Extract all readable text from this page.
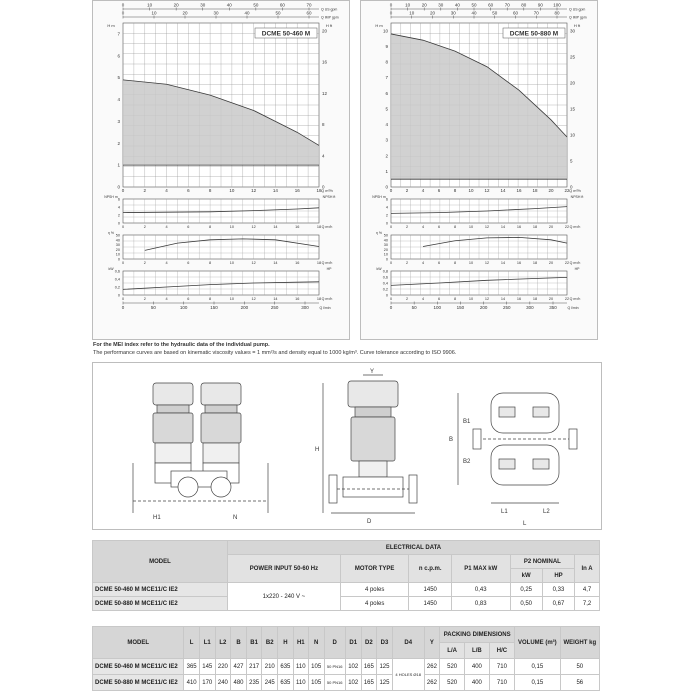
0	10	20	30	40	50	60	70
Q US gpm
0	10	20	30	40	50	60
Q IMP gpm
DCME 50-460 M
0
1
2
3
4
5
6
7
H m
0
4
8
12
16
20
H ft
0	2	4	6	8	10	12	14	16	18 Q m³/h
0
2
4
6
NPSH m	NPSH ft
0	2	4	6	8	10	12	14	16	18 Q m³/h
0
10
20
30
40
50
η %
0	2	4	6	8	10	12	14	16	18 Q m³/h
0
0,2
0,4
0,6
kW	HP
0	2	4	6	8	10	12	14	16	18 Q m³/h
0	50	100	150	200	250	300	Q l/min
0	10	20	30	40	50	60	70	80	90 100
Q US gpm
0	10	20	30	40	50	60	70	80
Q IMP gpm
DCME 50-880 M
0
1
2
3
4
5
6
7
8
9
10
H m
0
5
10
15
20
25
30
H ft
0	2	4	6	8	10 12 14 16 18 20 22 Q m³/h
0
2
4
6
NPSH m	NPSH ft
0	2	4	6	8	10	12	14	16	18	20	22 Q m³/h
0
10
20
30
40
50
η %
0	2	4	6	8	10	12	14	16	18	20	22 Q m³/h
0
0,2
0,4
0,6
0,8
kW	HP
0	2	4	6	8	10	12	14	16	18	20	22 Q m³/h
0	50	100	150	200	250	300	350	Q l/min
For the MEI index refer to the hydraulic data of the individual pump.
The performance curves are based on kinematic viscosity values = 1 mm²/s and density equal to 1000 kg/m³. Curve tolerance according to ISO 9906.
H1	N
Y
H
D
L1	L2
L
B
B1
B2
MODEL	ELECTRICAL DATA						
	POWER INPUT 50-60 Hz	MOTOR TYPE	n c.p.m.	P1 MAX kW	P2 NOMINAL		In A
					kW	HP	
DCME 50-460 M MCE11/C IE2	1x220 - 240 V ~	4 poles	1450	0,43	0,25	0,33	4,7
DCME 50-880 M MCE11/C IE2		4 poles	1450	0,83	0,50	0,67	7,2
MODEL	L	L1	L2	B	B1	B2	H	H1	N	D	D1	D2	D3	D4	Y	PACKING DIMENSIONS			VOLUME (m³)	WEIGHT kg
																L/A	L/B	H/C		
DCME 50-460 M MCE11/C IE2	365	145	220	427	217	210	635	110	105	50 PN16	102	165	125	4 HOLES Ø18	262	520	400	710	0,15	50
DCME 50-880 M MCE11/C IE2	410	170	240	480	235	245	635	110	105	50 PN16	102	165	125		262	520	400	710	0,15	56
